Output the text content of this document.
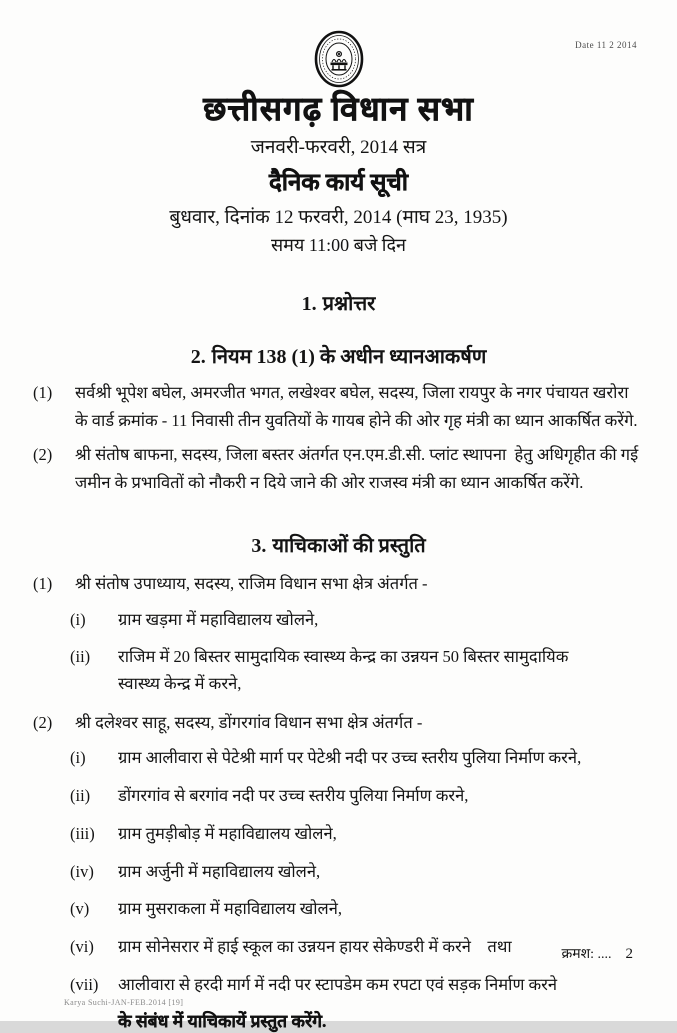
Date 11 2 2014
छत्तीसगढ़ विधान सभा
जनवरी-फरवरी, 2014 सत्र
दैनिक कार्य सूची
बुधवार, दिनांक 12 फरवरी, 2014 (माघ 23, 1935)
समय 11:00 बजे दिन
1. प्रश्नोत्तर
2. नियम 138 (1) के अधीन ध्यानआकर्षण
(1)	सर्वश्री भूपेश बघेल, अमरजीत भगत, लखेश्वर बघेल, सदस्य, जिला रायपुर के नगर पंचायत खरोरा के वार्ड क्रमांक - 11 निवासी तीन युवतियों के गायब होने की ओर गृह मंत्री का ध्यान आकर्षित करेंगे.
(2)	श्री संतोष बाफना, सदस्य, जिला बस्तर अंतर्गत एन.एम.डी.सी. प्लांट स्थापना  हेतु अधिगृहीत की गई जमीन के प्रभावितों को नौकरी न दिये जाने की ओर राजस्व मंत्री का ध्यान आकर्षित करेंगे.
3. याचिकाओं की प्रस्तुति
(1)	श्री संतोष उपाध्याय, सदस्य, राजिम विधान सभा क्षेत्र अंतर्गत -
(i)	ग्राम खड़मा में महाविद्यालय खोलने,
(ii)	राजिम में 20 बिस्तर सामुदायिक स्वास्थ्य केन्द्र का उन्नयन 50 बिस्तर सामुदायिक स्वास्थ्य केन्द्र में करने,
(2)	श्री दलेश्वर साहू, सदस्य, डोंगरगांव विधान सभा क्षेत्र अंतर्गत -
(i)	ग्राम आलीवारा से पेटेश्री मार्ग पर पेटेश्री नदी पर उच्च स्तरीय पुलिया निर्माण करने,
(ii)	डोंगरगांव से बरगांव नदी पर उच्च स्तरीय पुलिया निर्माण करने,
(iii)	ग्राम तुमड़ीबोड़ में महाविद्यालय खोलने,
(iv)	ग्राम अर्जुनी में महाविद्यालय खोलने,
(v)	ग्राम मुसराकला में महाविद्यालय खोलने,
(vi)	ग्राम सोनेसरार में हाई स्कूल का उन्नयन हायर सेकेण्डरी में करने    तथा
(vii)	आलीवारा से हरदी मार्ग में नदी पर स्टापडेम कम रपटा एवं सड़क निर्माण करने
के संबंध में याचिकायें प्रस्तुत करेंगे.
क्रमश: .... 2
Karya Suchi-JAN-FEB.2014 [19]
